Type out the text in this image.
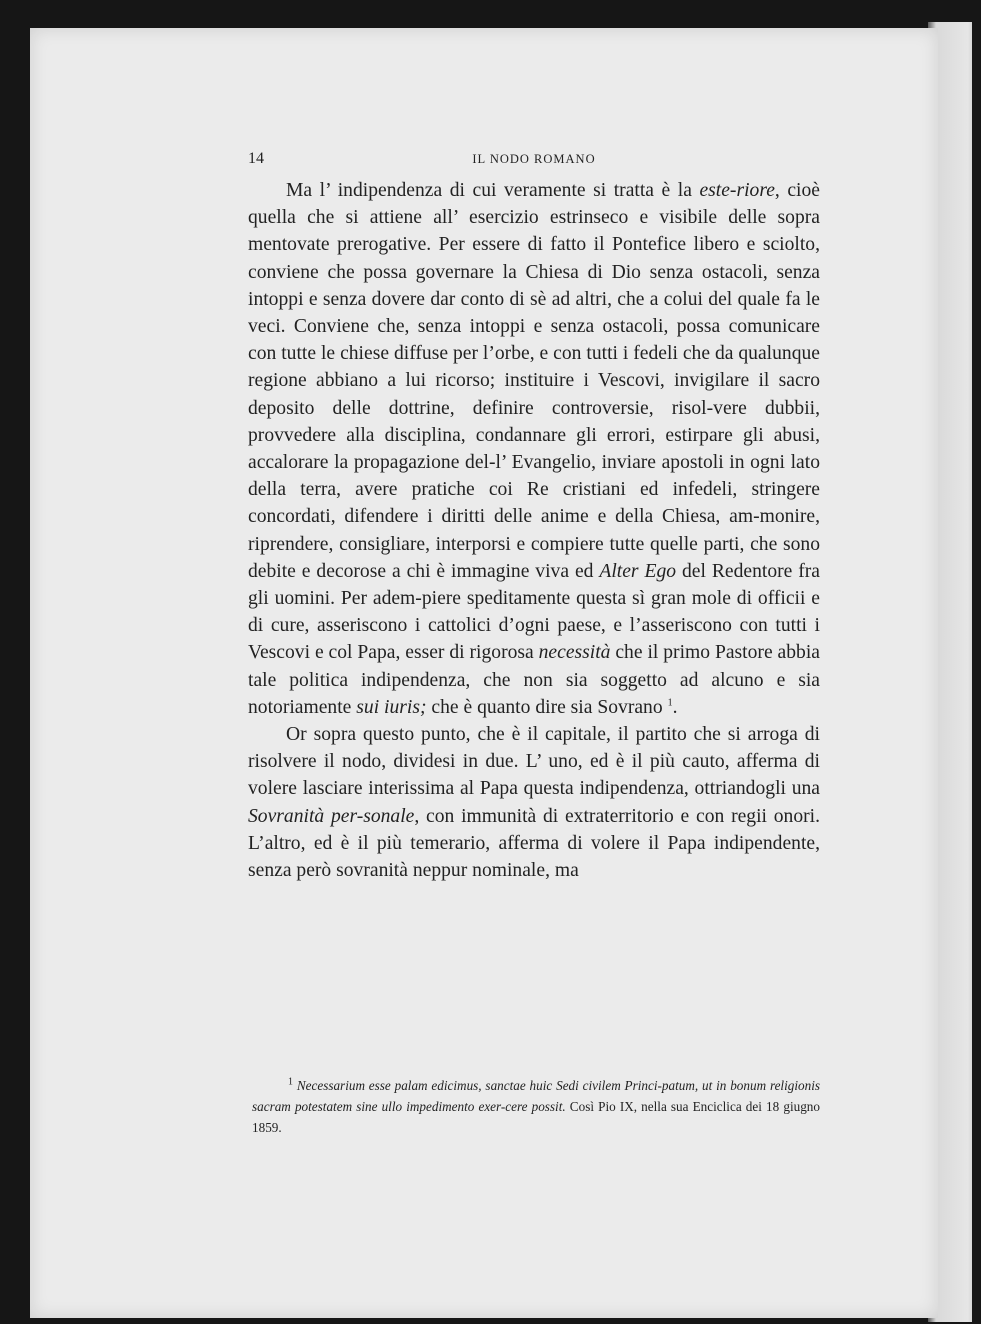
14	IL NODO ROMANO

Ma l’ indipendenza di cui veramente si tratta è la este-riore, cioè quella che si attiene all’ esercizio estrinseco e visibile delle sopra mentovate prerogative. Per essere di fatto il Pontefice libero e sciolto, conviene che possa governare la Chiesa di Dio senza ostacoli, senza intoppi e senza dovere dar conto di sè ad altri, che a colui del quale fa le veci. Conviene che, senza intoppi e senza ostacoli, possa comunicare con tutte le chiese diffuse per l’orbe, e con tutti i fedeli che da qualunque regione abbiano a lui ricorso; instituire i Vescovi, invigilare il sacro deposito delle dottrine, definire controversie, risol-vere dubbii, provvedere alla disciplina, condannare gli errori, estirpare gli abusi, accalorare la propagazione del-l’ Evangelio, inviare apostoli in ogni lato della terra, avere pratiche coi Re cristiani ed infedeli, stringere concordati, difendere i diritti delle anime e della Chiesa, am-monire, riprendere, consigliare, interporsi e compiere tutte quelle parti, che sono debite e decorose a chi è immagine viva ed Alter Ego del Redentore fra gli uomini. Per adem-piere speditamente questa sì gran mole di officii e di cure, asseriscono i cattolici d’ogni paese, e l’asseriscono con tutti i Vescovi e col Papa, esser di rigorosa necessità che il primo Pastore abbia tale politica indipendenza, che non sia soggetto ad alcuno e sia notoriamente sui iuris; che è quanto dire sia Sovrano $^1$.

Or sopra questo punto, che è il capitale, il partito che si arroga di risolvere il nodo, dividesi in due. L’ uno, ed è il più cauto, afferma di volere lasciare interissima al Papa questa indipendenza, ottriandogli una Sovranità per-sonale, con immunità di extraterritorio e con regii onori. L’altro, ed è il più temerario, afferma di volere il Papa indipendente, senza però sovranità neppur nominale, ma

$^1$ Necessarium esse palam edicimus, sanctae huic Sedi civilem Princi-patum, ut in bonum religionis sacram potestatem sine ullo impedimento exer-cere possit. Così Pio IX, nella sua Enciclica dei 18 giugno 1859.
